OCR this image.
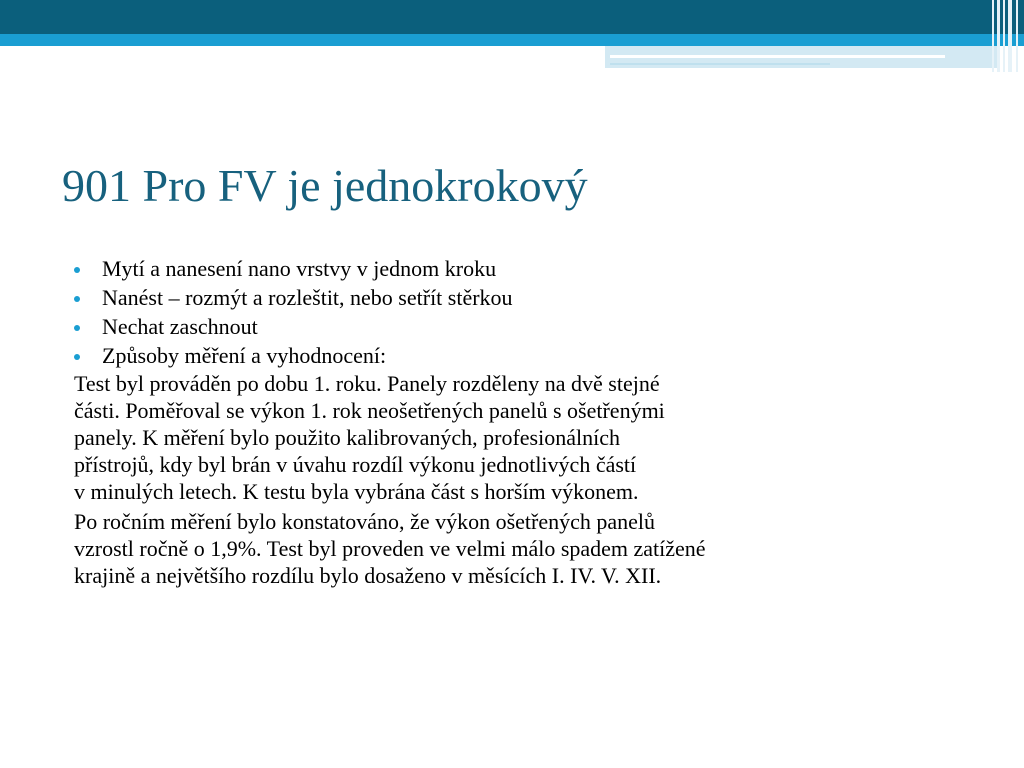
901 Pro FV je jednokrokový
Mytí a nanesení nano vrstvy v jednom kroku
Nanést – rozmýt a rozleštit, nebo setřít stěrkou
Nechat zaschnout
Způsoby měření a vyhodnocení:

Test byl prováděn po dobu 1. roku. Panely rozděleny na dvě stejné
části. Poměřoval se výkon 1. rok neošetřených panelů s ošetřenými
panely. K měření bylo použito kalibrovaných, profesionálních
přístrojů, kdy byl brán v úvahu rozdíl výkonu jednotlivých částí
v minulých letech. K testu byla vybrána část s horším výkonem.

Po ročním měření bylo konstatováno, že výkon ošetřených panelů
vzrostl ročně o 1,9%. Test byl proveden ve velmi málo spadem zatížené
krajině a největšího rozdílu bylo dosaženo v měsících I. IV. V. XII.
